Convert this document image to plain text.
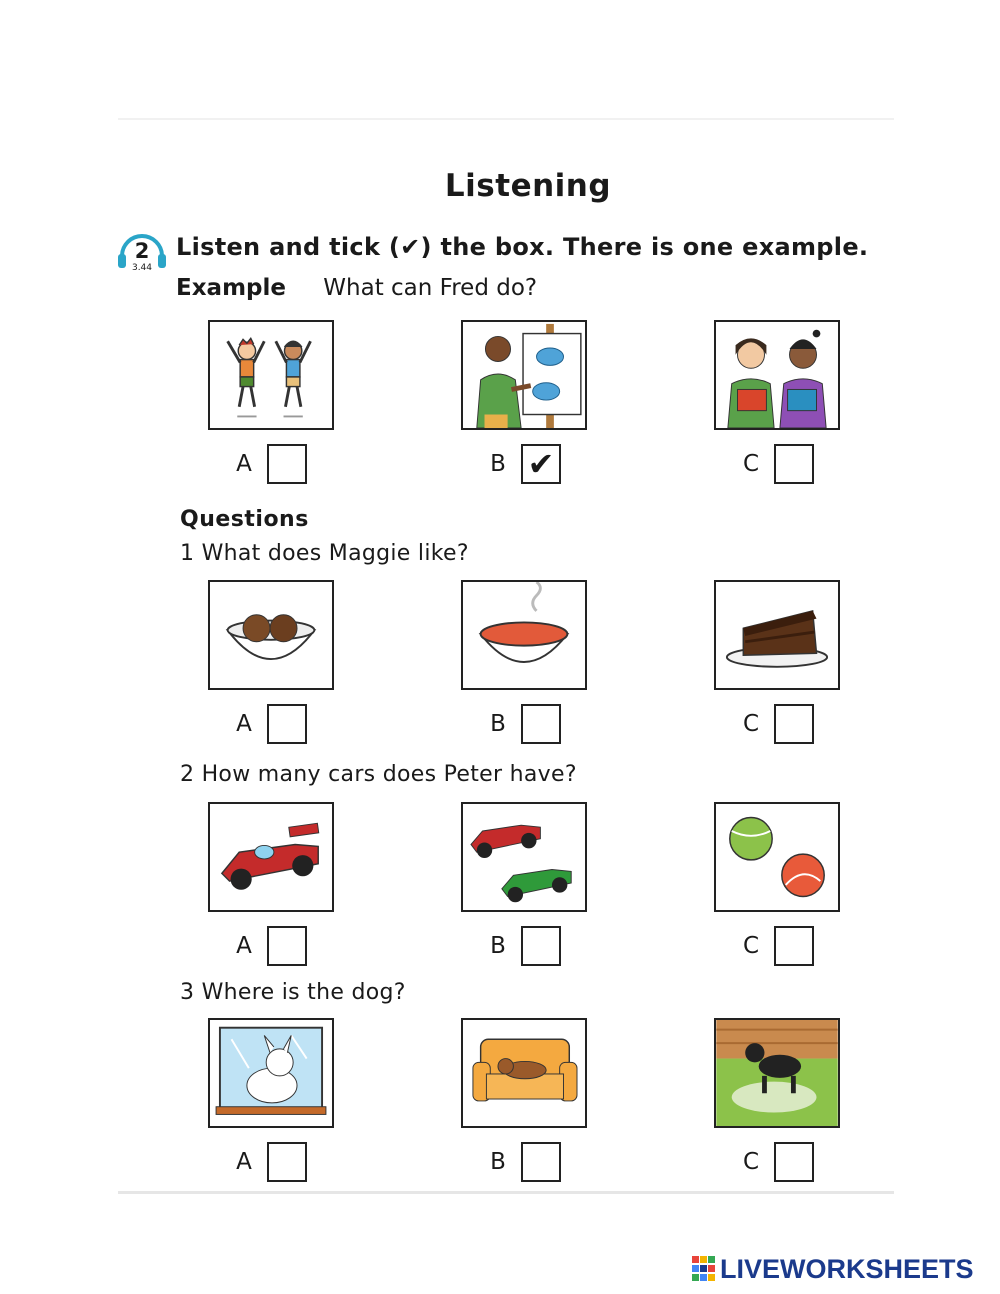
Listening
2
3.44
Listen and tick (✔) the box. There is one example.
Example What can Fred do?
A	B ✔	C
Questions
1 What does Maggie like?
A	B	C
2 How many cars does Peter have?
A	B	C
3 Where is the dog?
A	B	C
LIVEWORKSHEETS
